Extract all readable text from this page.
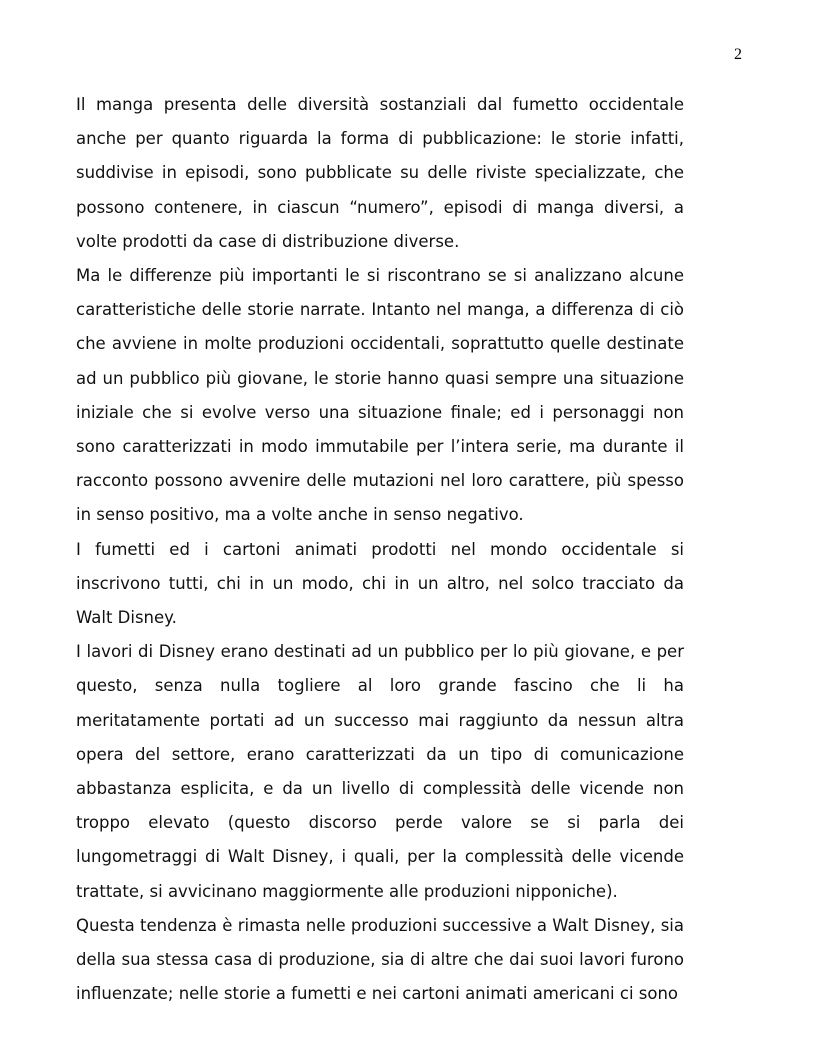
2

Il manga presenta delle diversità sostanziali dal fumetto occidentale anche per quanto riguarda la forma di pubblicazione: le storie infatti, suddivise in episodi, sono pubblicate su delle riviste specializzate, che possono contenere, in ciascun “numero”, episodi di manga diversi, a volte prodotti da case di distribuzione diverse.

Ma le differenze più importanti le si riscontrano se si analizzano alcune caratteristiche delle storie narrate. Intanto nel manga, a differenza di ciò che avviene in molte produzioni occidentali, soprattutto quelle destinate ad un pubblico più giovane, le storie hanno quasi sempre una situazione iniziale che si evolve verso una situazione finale; ed i personaggi non sono caratterizzati in modo immutabile per l’intera serie, ma durante il racconto possono avvenire delle mutazioni nel loro carattere, più spesso in senso positivo, ma a volte anche in senso negativo.

I fumetti ed i cartoni animati prodotti nel mondo occidentale si inscrivono tutti, chi in un modo, chi in un altro, nel solco tracciato da Walt Disney.

I lavori di Disney erano destinati ad un pubblico per lo più giovane, e per questo, senza nulla togliere al loro grande fascino che li ha meritatamente portati ad un successo mai raggiunto da nessun altra opera del settore, erano caratterizzati da un tipo di comunicazione abbastanza esplicita, e da un livello di complessità delle vicende non troppo elevato (questo discorso perde valore se si parla dei lungometraggi di Walt Disney, i quali, per la complessità delle vicende trattate, si avvicinano maggiormente alle produzioni nipponiche).

Questa tendenza è rimasta nelle produzioni successive a Walt Disney, sia della sua stessa casa di produzione, sia di altre che dai suoi lavori furono influenzate; nelle storie a fumetti e nei cartoni animati americani ci sono
